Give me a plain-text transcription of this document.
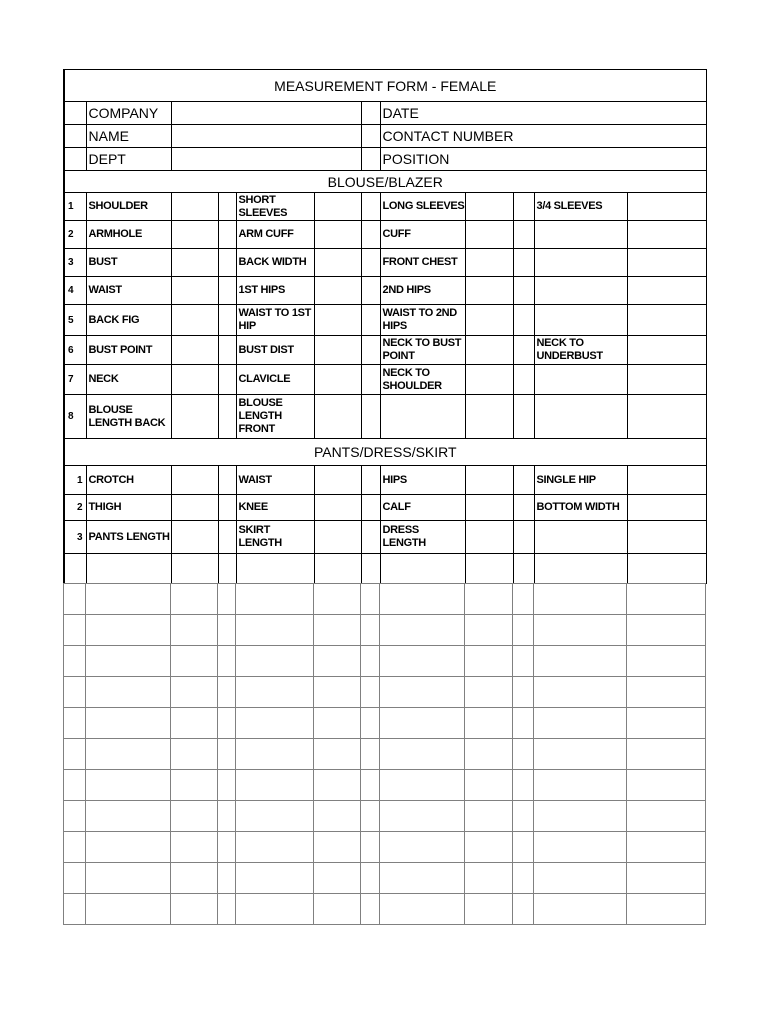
MEASUREMENT FORM - FEMALE											
	COMPANY						DATE				
	NAME						CONTACT NUMBER				
	DEPT						POSITION				
BLOUSE/BLAZER											
1	SHOULDER			SHORT SLEEVES			LONG SLEEVES			3/4 SLEEVES	
2	ARMHOLE			ARM CUFF			CUFF				
3	BUST			BACK WIDTH			FRONT CHEST				
4	WAIST			1ST HIPS			2ND HIPS				
5	BACK FIG			WAIST TO 1ST HIP			WAIST TO 2ND HIPS				
6	BUST POINT			BUST DIST			NECK TO BUST POINT			NECK TO UNDERBUST	
7	NECK			CLAVICLE			NECK TO SHOULDER				
8	BLOUSE LENGTH BACK			BLOUSE LENGTH FRONT							
PANTS/DRESS/SKIRT											
1	CROTCH			WAIST			HIPS			SINGLE HIP	
2	THIGH			KNEE			CALF			BOTTOM WIDTH	
3	PANTS LENGTH			SKIRT LENGTH			DRESS LENGTH				
